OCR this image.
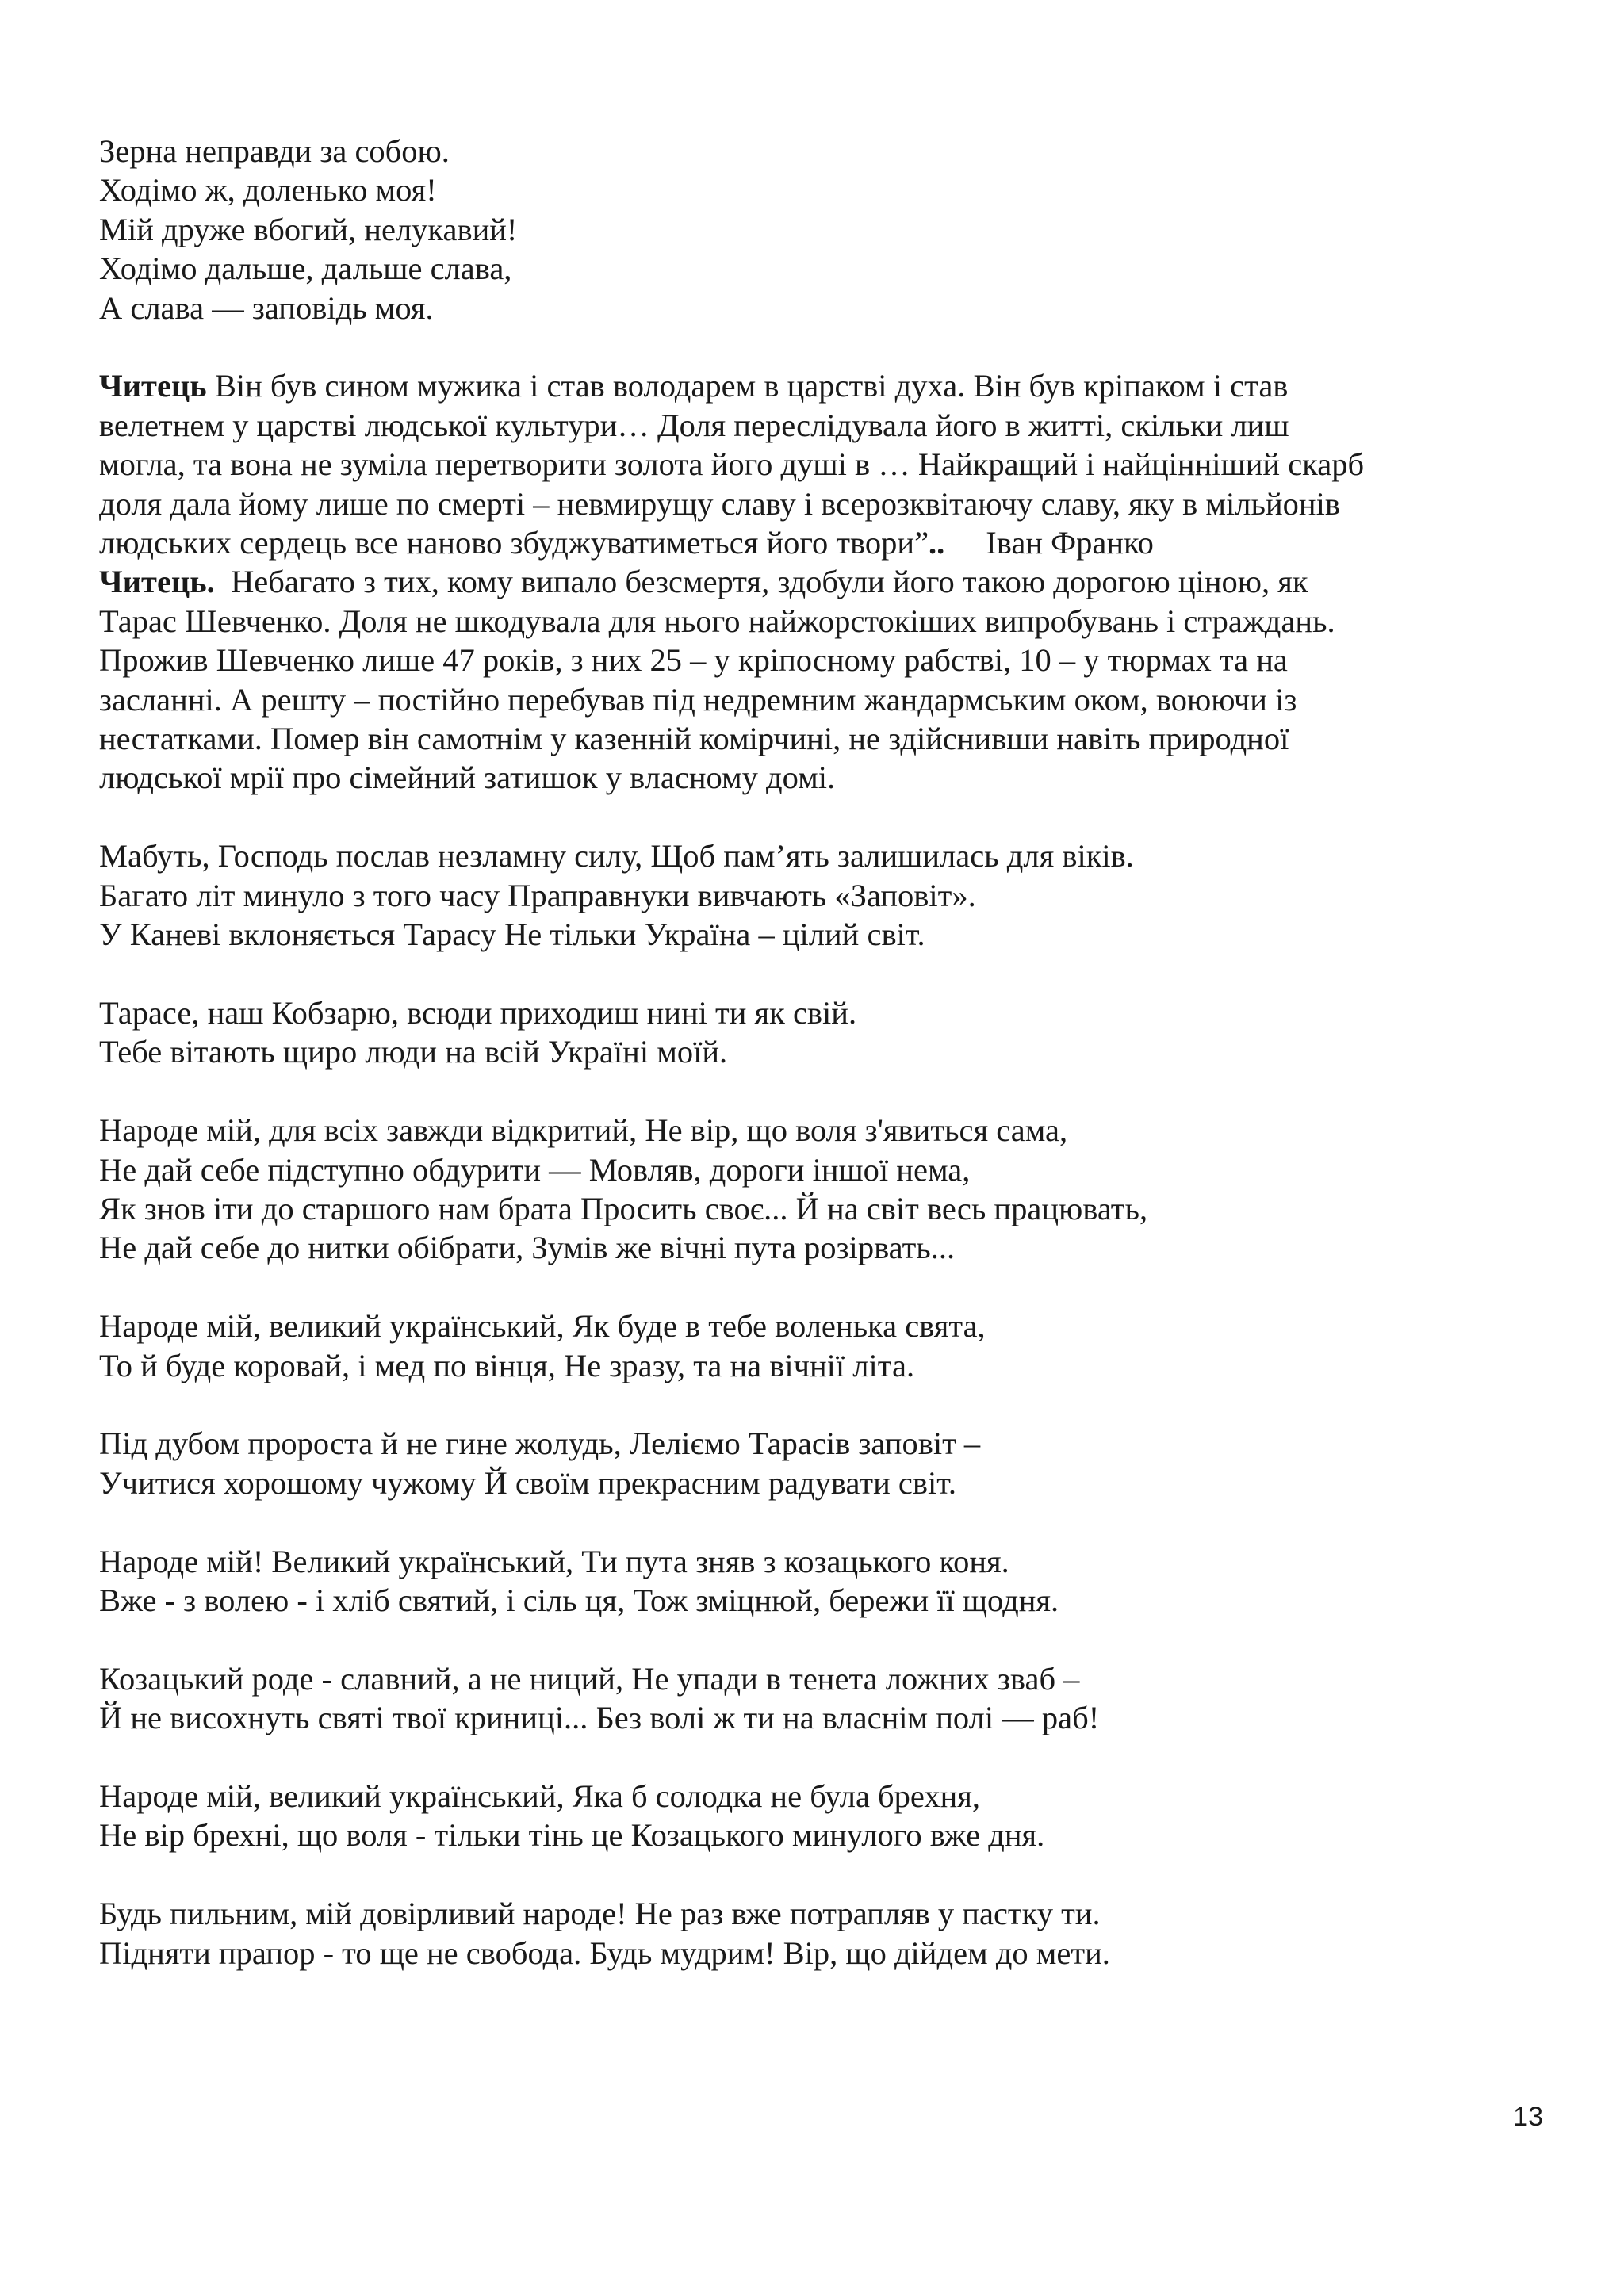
Зерна неправди за собою.

Ходімо ж, доленько моя!

Мій друже вбогий, нелукавий!

Ходімо дальше, дальше слава,

А слава — заповідь моя.

Читець Він був сином мужика і став володарем в царстві духа. Він був кріпаком і став

велетнем у царстві людської культури… Доля переслідувала його в житті, скільки лиш

могла, та вона не зуміла перетворити золота його душі в … Найкращий і найцінніший скарб

доля дала йому лише по смерті – невмирущу славу і всерозквітаючу славу, яку в мільйонів

людських сердець все наново збуджуватиметься його твори”.. Іван Франко

Читець.  Небагато з тих, кому випало безсмертя, здобули його такою дорогою ціною, як

Тарас Шевченко. Доля не шкодувала для нього найжорстокіших випробувань і страждань.

Прожив Шевченко лише 47 років, з них 25 – у кріпосному рабстві, 10 – у тюрмах та на

засланні. А решту – постійно перебував під недремним жандармським оком, воюючи із

нестатками. Помер він самотнім у казенній комірчині, не здійснивши навіть природної

людської мрії про сімейний затишок у власному домі.

Мабуть, Господь послав незламну силу, Щоб пам’ять залишилась для віків.

Багато літ минуло з того часу Праправнуки вивчають «Заповіт».

У Каневі вклоняється Тарасу Не тільки Україна – цілий світ.

Тарасе, наш Кобзарю, всюди приходиш нині ти як свій.

Тебе вітають щиро люди на всій Україні моїй.

Народе мій, для всіх завжди відкритий, Не вір, що воля з'явиться сама,

Не дай себе підступно обдурити — Мовляв, дороги іншої нема,

Як знов іти до старшого нам брата Просить своє... Й на світ весь працювать,

Не дай себе до нитки обібрати, Зумів же вічні пута розірвать...

Народе мій, великий український, Як буде в тебе воленька свята,

То й буде коровай, і мед по вінця, Не зразу, та на вічнії літа.

Під дубом пророста й не гине жолудь, Леліємо Тарасів заповіт –

Учитися хорошому чужому Й своїм прекрасним радувати світ.

Народе мій! Великий український, Ти пута зняв з козацького коня.

Вже - з волею - і хліб святий, і сіль ця, Тож зміцнюй, бережи її щодня.

Козацький роде - славний, а не ниций, Не упади в тенета ложних зваб –

Й не висохнуть святі твої криниці... Без волі ж ти на власнім полі — раб!

Народе мій, великий український, Яка б солодка не була брехня,

Не вір брехні, що воля - тільки тінь це Козацького минулого вже дня.

Будь пильним, мій довірливий народе! Не раз вже потрапляв у пастку ти.

Підняти прапор - то ще не свобода. Будь мудрим! Вір, що дійдем до мети.

13
